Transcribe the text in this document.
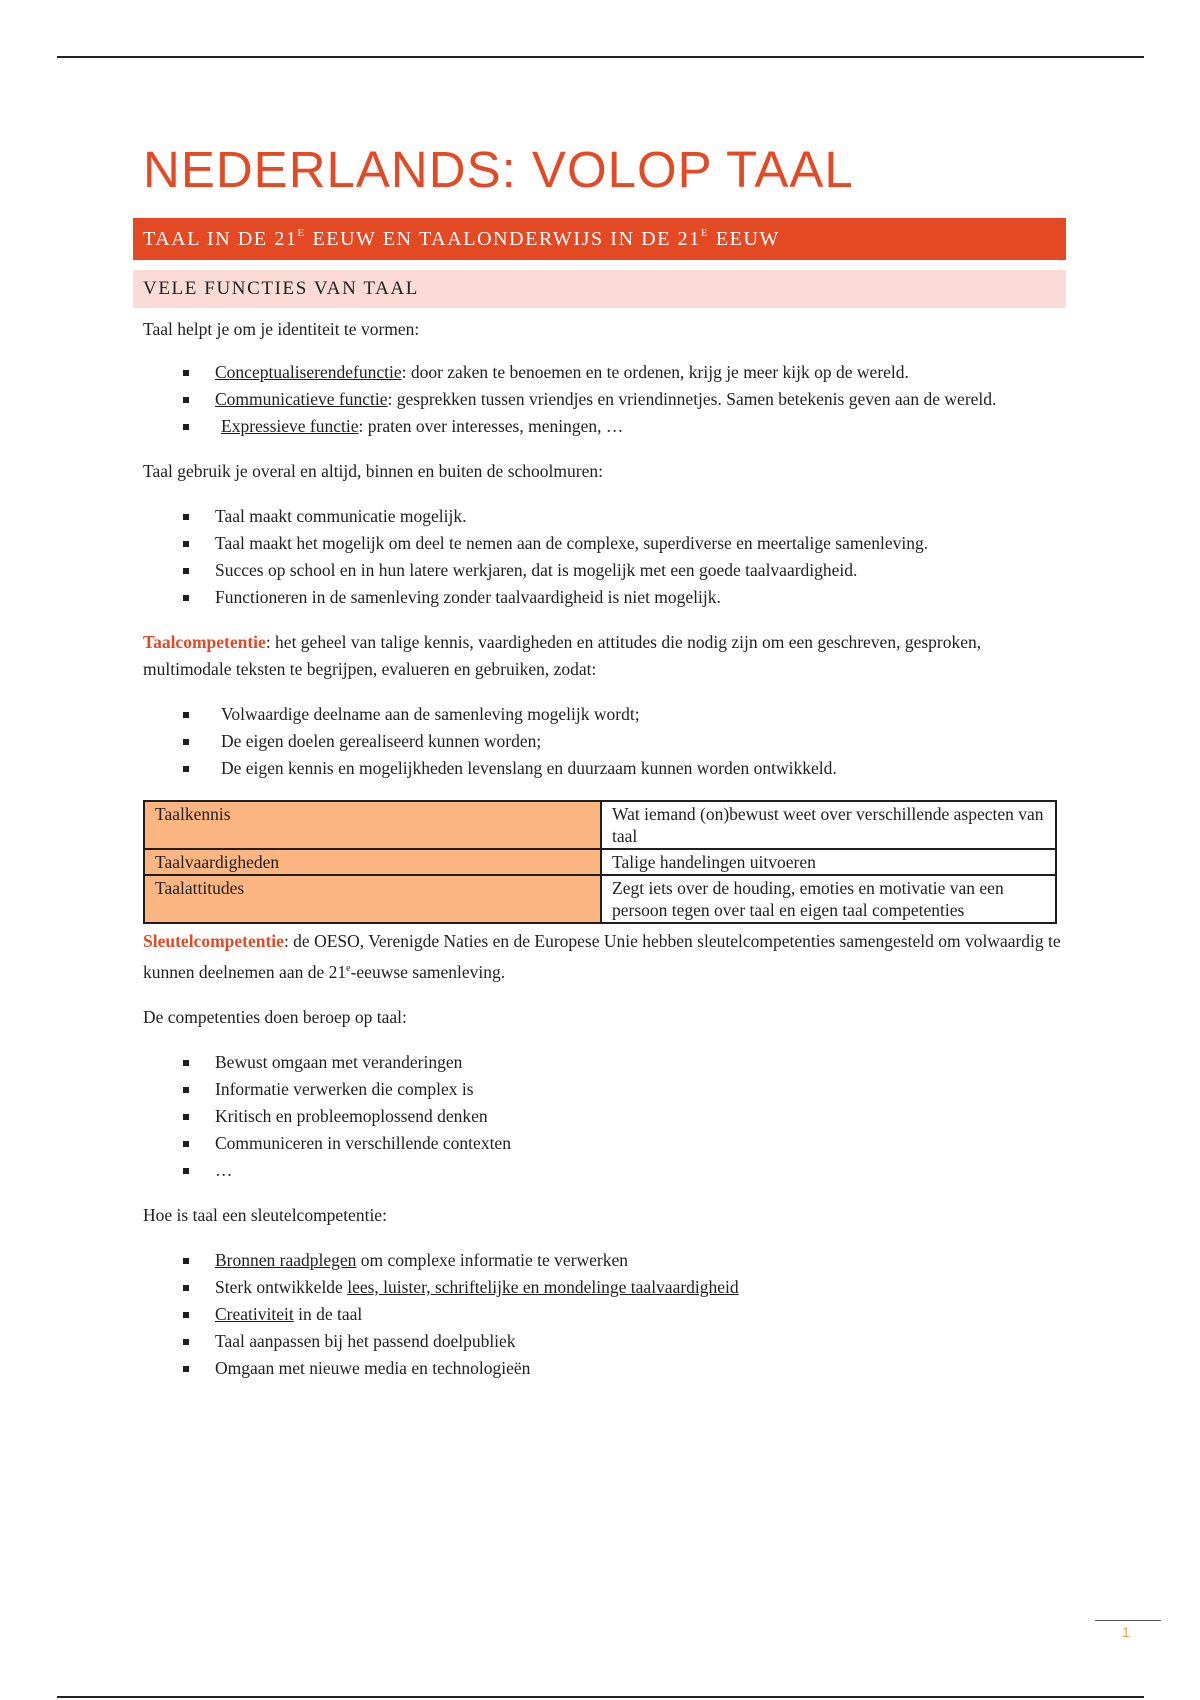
NEDERLANDS: VOLOP TAAL
TAAL IN DE $21^E$ EEUW EN TAALONDERWIJS IN DE $21^E$ EEUW
VELE FUNCTIES VAN TAAL

Taal helpt je om je identiteit te vormen:

Conceptualiserendefunctie: door zaken te benoemen en te ordenen, krijg je meer kijk op de wereld.
Communicatieve functie: gesprekken tussen vriendjes en vriendinnetjes. Samen betekenis geven aan de wereld.
Expressieve functie: praten over interesses, meningen, …

Taal gebruik je overal en altijd, binnen en buiten de schoolmuren:

Taal maakt communicatie mogelijk.
Taal maakt het mogelijk om deel te nemen aan de complexe, superdiverse en meertalige samenleving.
Succes op school en in hun latere werkjaren, dat is mogelijk met een goede taalvaardigheid.
Functioneren in de samenleving zonder taalvaardigheid is niet mogelijk.

Taalcompetentie: het geheel van talige kennis, vaardigheden en attitudes die nodig zijn om een geschreven, gesproken, multimodale teksten te begrijpen, evalueren en gebruiken, zodat:

Volwaardige deelname aan de samenleving mogelijk wordt;
De eigen doelen gerealiseerd kunnen worden;
De eigen kennis en mogelijkheden levenslang en duurzaam kunnen worden ontwikkeld.
Taalkennis	Wat iemand (on)bewust weet over verschillende aspecten van taal
Taalvaardigheden	Talige handelingen uitvoeren
Taalattitudes	Zegt iets over de houding, emoties en motivatie van een persoon tegen over taal en eigen taal competenties

Sleutelcompetentie: de OESO, Verenigde Naties en de Europese Unie hebben sleutelcompetenties samengesteld om volwaardig te kunnen deelnemen aan de 21e-eeuwse samenleving.

De competenties doen beroep op taal:

Bewust omgaan met veranderingen
Informatie verwerken die complex is
Kritisch en probleemoplossend denken
Communiceren in verschillende contexten
…

Hoe is taal een sleutelcompetentie:

Bronnen raadplegen om complexe informatie te verwerken
Sterk ontwikkelde lees, luister, schriftelijke en mondelinge taalvaardigheid
Creativiteit in de taal
Taal aanpassen bij het passend doelpubliek
Omgaan met nieuwe media en technologieën
1
